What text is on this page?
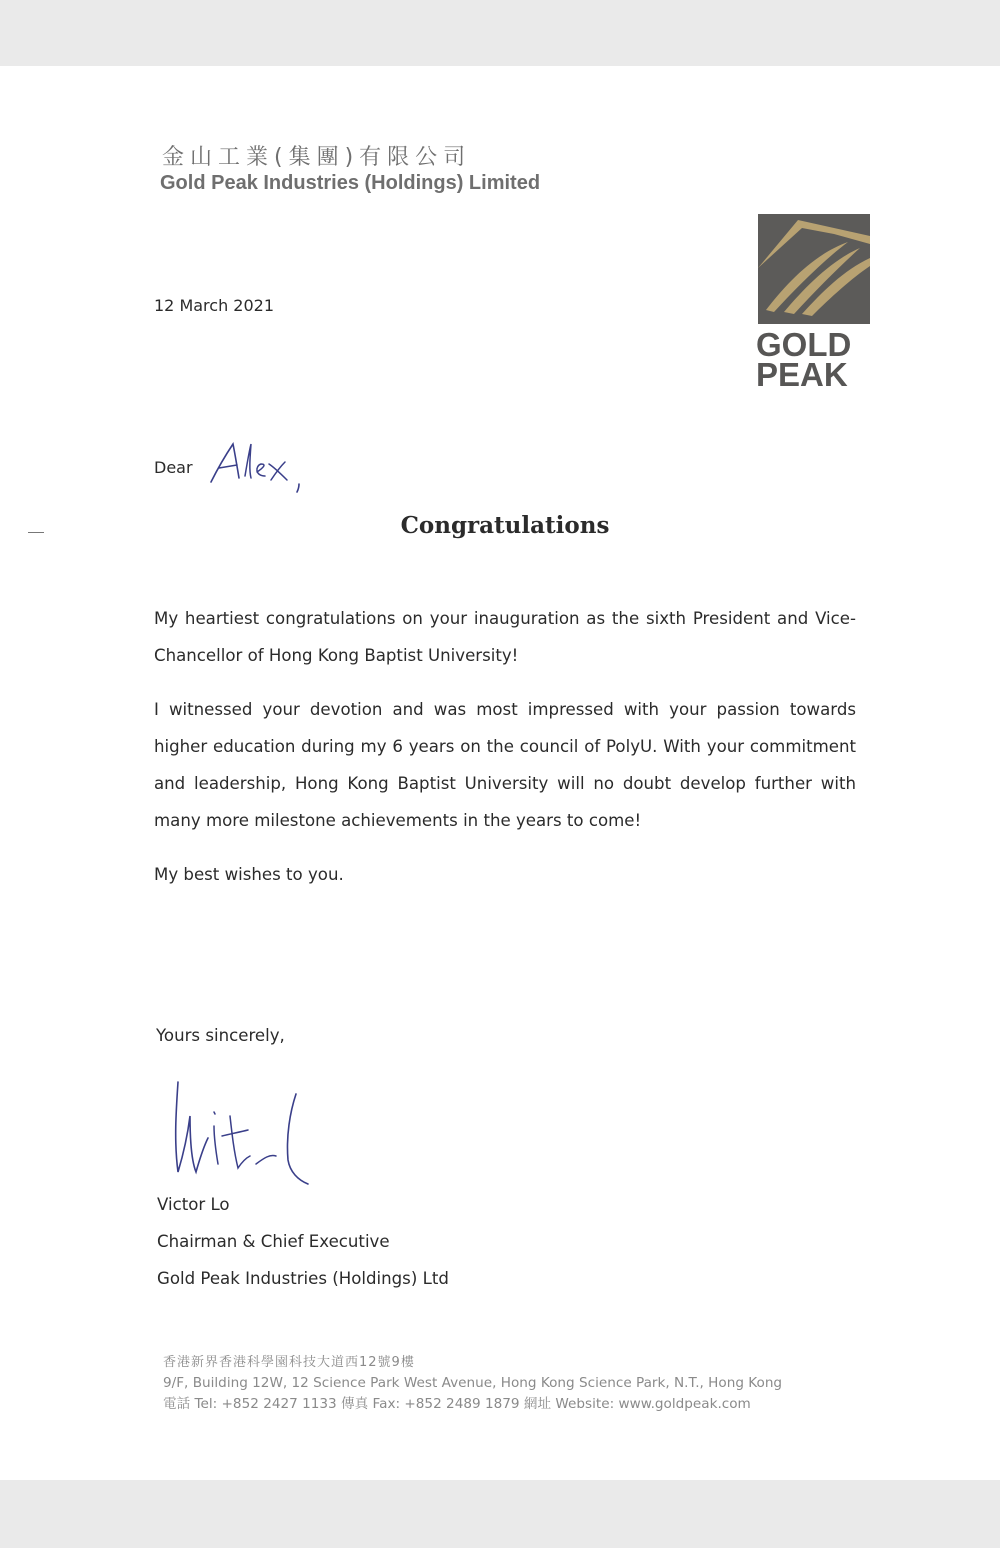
金山工業(集團)有限公司
Gold Peak Industries (Holdings) Limited
GOLD
PEAK
12 March 2021
Dear
Congratulations

My heartiest congratulations on your inauguration as the sixth President and Vice-Chancellor of Hong Kong Baptist University!

I witnessed your devotion and was most impressed with your passion towards higher education during my 6 years on the council of PolyU. With your commitment and leadership, Hong Kong Baptist University will no doubt develop further with many more milestone achievements in the years to come!

My best wishes to you.

Yours sincerely,
Victor Lo
Chairman & Chief Executive
Gold Peak Industries (Holdings) Ltd
香港新界香港科學園科技大道西12號9樓
9/F, Building 12W, 12 Science Park West Avenue, Hong Kong Science Park, N.T., Hong Kong
電話 Tel: +852 2427 1133 傳真 Fax: +852 2489 1879 網址 Website: www.goldpeak.com
